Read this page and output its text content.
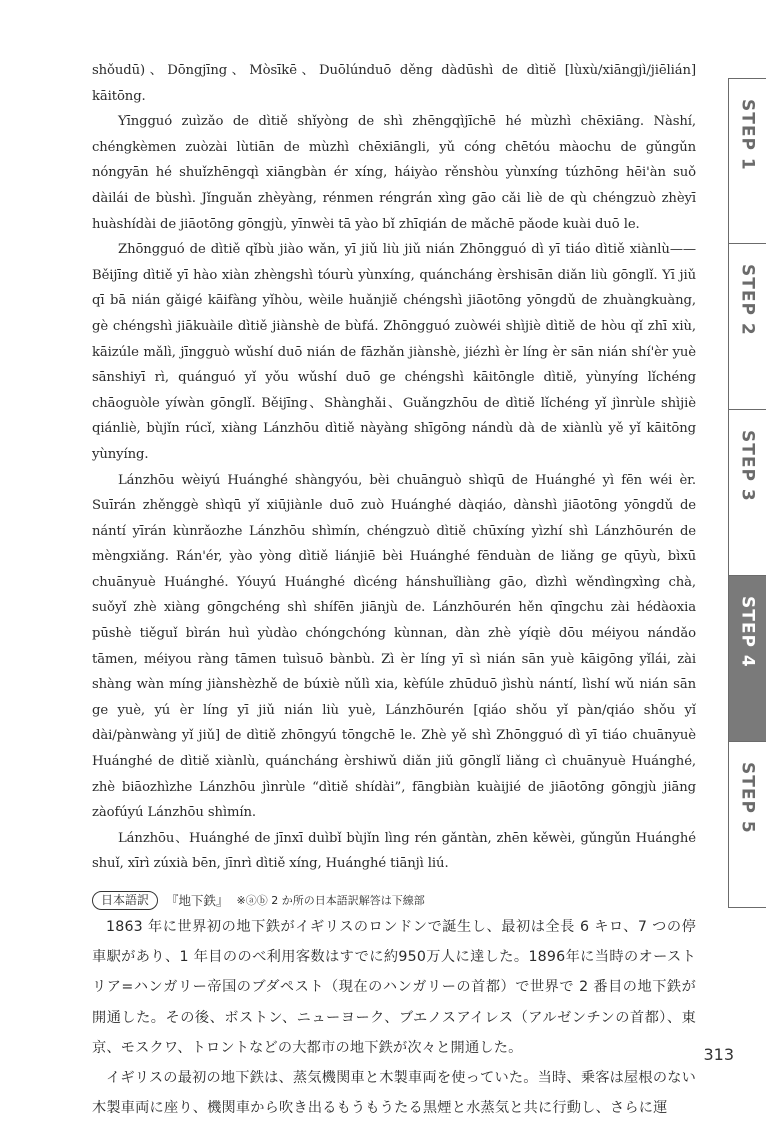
shǒudū)、Dōngjīng、Mòsīkē、Duōlúnduō děng dàdūshì de dìtiě [lùxù/xiāngjì/jiēlián] kāitōng.

Yīngguó zuìzǎo de dìtiě shǐyòng de shì zhēngqìjīchē hé mùzhì chēxiāng. Nàshí, chéngkèmen zuòzài lùtiān de mùzhì chēxiāngli, yǔ cóng chētóu màochu de gǔngǔn nóngyān hé shuǐzhēngqì xiāngbàn ér xíng, háiyào rěnshòu yùnxíng túzhōng hēi'àn suǒ dàilái de bùshì. Jǐnguǎn zhèyàng, rénmen réngrán xìng gāo cǎi liè de qù chéngzuò zhèyī huàshídài de jiāotōng gōngjù, yīnwèi tā yào bǐ zhīqián de mǎchē pǎode kuài duō le.

Zhōngguó de dìtiě qǐbù jiào wǎn, yī jiǔ liù jiǔ nián Zhōngguó dì yī tiáo dìtiě xiànlù—— Běijīng dìtiě yī hào xiàn zhèngshì tóurù yùnxíng, quáncháng èrshisān diǎn liù gōnglǐ. Yī jiǔ qī bā nián gǎigé kāifàng yǐhòu, wèile huǎnjiě chéngshì jiāotōng yōngdǔ de zhuàngkuàng, gè chéngshì jiākuàile dìtiě jiànshè de bùfá. Zhōngguó zuòwéi shìjiè dìtiě de hòu qǐ zhī xiù, kāizúle mǎlì, jīngguò wǔshí duō nián de fāzhǎn jiànshè, jiézhì èr líng èr sān nián shí'èr yuè sānshiyī rì, quánguó yǐ yǒu wǔshí duō ge chéngshì kāitōngle dìtiě, yùnyíng lǐchéng chāoguòle yíwàn gōnglǐ. Běijīng、Shànghǎi、Guǎngzhōu de dìtiě lǐchéng yǐ jìnrùle shìjiè qiánliè, bùjǐn rúcǐ, xiàng Lánzhōu dìtiě nàyàng shīgōng nándù dà de xiànlù yě yǐ kāitōng yùnyíng.

Lánzhōu wèiyú Huánghé shàngyóu, bèi chuānguò shìqū de Huánghé yì fēn wéi èr. Suīrán zhěnggè shìqū yǐ xiūjiànle duō zuò Huánghé dàqiáo, dànshì jiāotōng yōngdǔ de nántí yīrán kùnrǎozhe Lánzhōu shìmín, chéngzuò dìtiě chūxíng yìzhí shì Lánzhōurén de mèngxiǎng. Rán'ér, yào yòng dìtiě liánjiē bèi Huánghé fēnduàn de liǎng ge qūyù, bìxū chuānyuè Huánghé. Yóuyú Huánghé dìcéng hánshuǐliàng gāo, dìzhì wěndìngxìng chà, suǒyǐ zhè xiàng gōngchéng shì shífēn jiānjù de. Lánzhōurén hěn qīngchu zài hédàoxia pūshè tiěguǐ bìrán huì yùdào chóngchóng kùnnan, dàn zhè yíqiè dōu méiyou nándǎo tāmen, méiyou ràng tāmen tuìsuō bànbù. Zì èr líng yī sì nián sān yuè kāigōng yǐlái, zài shàng wàn míng jiànshèzhě de búxiè nǔlì xia, kèfúle zhūduō jìshù nántí, lìshí wǔ nián sān ge yuè, yú èr líng yī jiǔ nián liù yuè, Lánzhōurén [qiáo shǒu yǐ pàn/qiáo shǒu yǐ dài/pànwàng yǐ jiǔ] de dìtiě zhōngyú tōngchē le. Zhè yě shì Zhōngguó dì yī tiáo chuānyuè Huánghé de dìtiě xiànlù, quáncháng èrshiwǔ diǎn jiǔ gōnglǐ liǎng cì chuānyuè Huánghé, zhè biāozhìzhe Lánzhōu jìnrùle “dìtiě shídài”, fāngbiàn kuàijié de jiāotōng gōngjù jiāng zàofúyú Lánzhōu shìmín.

Lánzhōu、Huánghé de jīnxī duìbǐ bùjǐn lìng rén gǎntàn, zhēn kěwèi, gǔngǔn Huánghé shuǐ, xīrì zúxià bēn, jīnrì dìtiě xíng, Huánghé tiānjì liú.

日本語訳	『地下鉄』 ※ⓐⓑ 2 か所の日本語訳解答は下線部

1863 年に世界初の地下鉄がイギリスのロンドンで誕生し、最初は全長 6 キロ、7 つの停車駅があり、1 年目ののべ利用客数はすでに約950万人に達した。1896年に当時のオーストリア=ハンガリー帝国のブダペスト（現在のハンガリーの首都）で世界で 2 番目の地下鉄が開通した。その後、ボストン、ニューヨーク、ブエノスアイレス（アルゼンチンの首都）、東京、モスクワ、トロントなどの大都市の地下鉄が次々と開通した。

イギリスの最初の地下鉄は、蒸気機関車と木製車両を使っていた。当時、乗客は屋根のない木製車両に座り、機関車から吹き出るもうもうたる黒煙と水蒸気と共に行動し、さらに運

STEP 1
STEP 2
STEP 3
STEP 4
STEP 5
313
